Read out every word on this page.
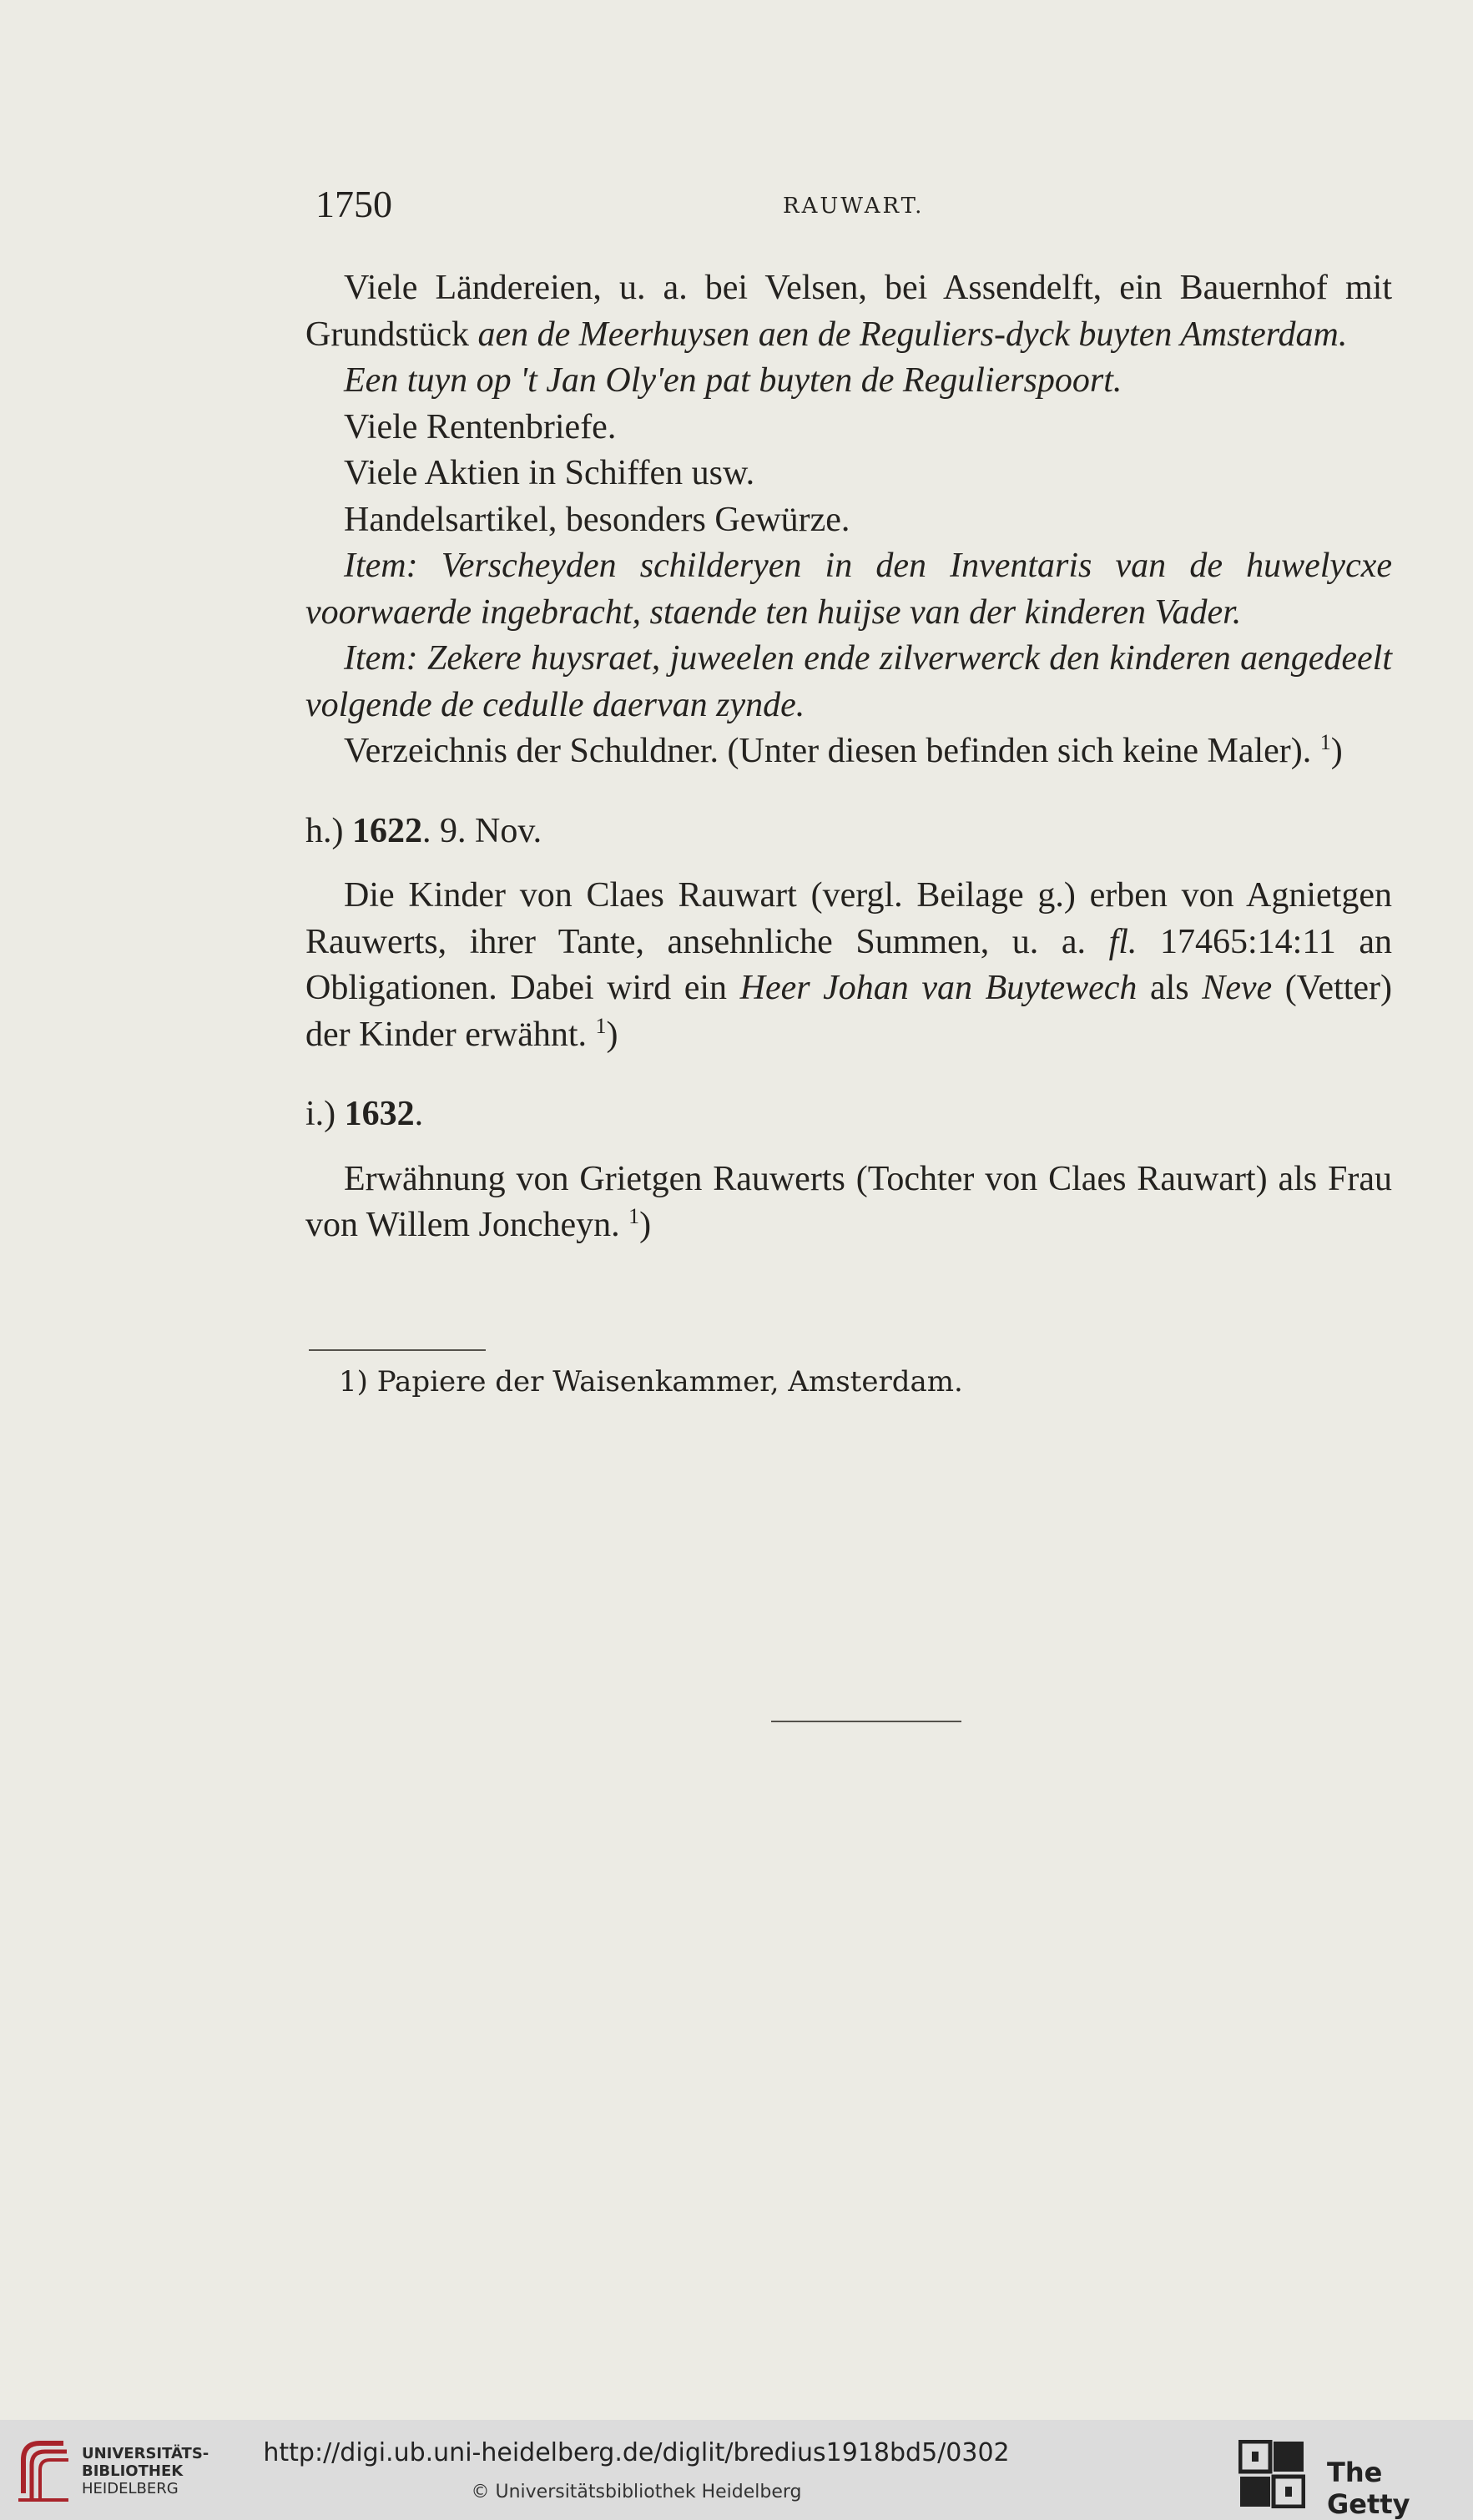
1750	RAUWART.

Viele Ländereien, u. a. bei Velsen, bei Assendelft, ein Bauernhof mit Grundstück aen de Meerhuysen aen de Reguliers-dyck buyten Amsterdam.

Een tuyn op 't Jan Oly'en pat buyten de Regulierspoort.

Viele Rentenbriefe.

Viele Aktien in Schiffen usw.

Handelsartikel, besonders Gewürze.

Item: Verscheyden schilderyen in den Inventaris van de huwelycxe voorwaerde ingebracht, staende ten huijse van der kinderen Vader.

Item: Zekere huysraet, juweelen ende zilverwerck den kinderen aengedeelt volgende de cedulle daervan zynde.

Verzeichnis der Schuldner. (Unter diesen befinden sich keine Maler). $^1$)

h.) 1622. 9. Nov.

Die Kinder von Claes Rauwart (vergl. Beilage g.) erben von Agnietgen Rauwerts, ihrer Tante, ansehnliche Summen, u. a. fl. 17465:14:11 an Obligationen. Dabei wird ein Heer Johan van Buytewech als Neve (Vetter) der Kinder erwähnt. $^1$)

i.) 1632.

Erwähnung von Grietgen Rauwerts (Tochter von Claes Rauwart) als Frau von Willem Joncheyn. $^1$)

1) Papiere der Waisenkammer, Amsterdam.
UNIVERSITÄTS-
BIBLIOTHEK
HEIDELBERG
http://digi.ub.uni-heidelberg.de/diglit/bredius1918bd5/0302
© Universitätsbibliothek Heidelberg
The Getty
